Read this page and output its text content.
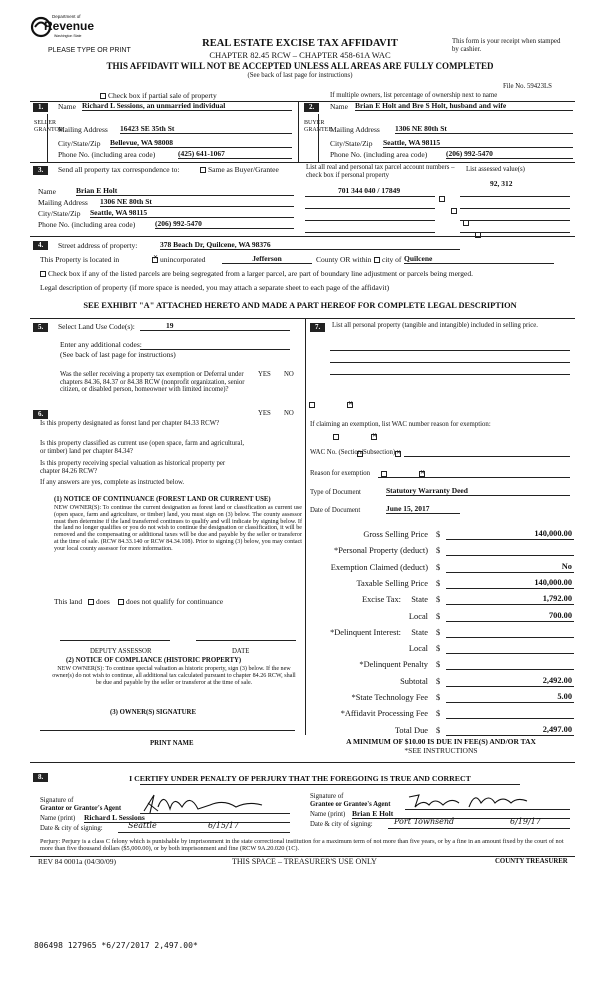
Department of
Revenue
Washington State
PLEASE TYPE OR PRINT
REAL ESTATE EXCISE TAX AFFIDAVIT
CHAPTER 82.45 RCW – CHAPTER 458-61A WAC
This form is your receipt when stamped by cashier.
THIS AFFIDAVIT WILL NOT BE ACCEPTED UNLESS ALL AREAS ARE FULLY COMPLETED
(See back of last page for instructions)
File No. 59423LS
Check box if partial sale of property	If multiple owners, list percentage of ownership next to name
1.	Name Richard L Sessions, an unmarried individual
SELLER GRANTOR
Mailing Address 16423 SE 35th St
City/State/Zip Bellevue, WA 98008
Phone No. (including area code)	(425) 641-1067
2.	Name Brian E Holt and Bre S Holt, husband and wife
BUYER GRANTEE
Mailing Address 1306 NE 80th St
City/State/Zip Seattle, WA 98115
Phone No. (including area code) (206) 992-5470
3.	Send all property tax correspondence to:	Same as Buyer/Grantee	List all real and personal tax parcel account numbers – check box if personal property
List assessed value(s)
92, 312
701 344 040 / 17849

Name	Brian E Holt
Mailing Address 1306 NE 80th St
City/State/Zip Seattle, WA 98115
Phone No. (including area code)	(206) 992-5470
4.	Street address of property:	378 Beach Dr, Quilcene, WA 98376
This Property is located in
✕	unincorporated	Jefferson	County OR within	city of Quilcene
Check box if any of the listed parcels are being segregated from a larger parcel, are part of boundary line adjustment or parcels being merged.
Legal description of property (if more space is needed, you may attach a separate sheet to each page of the affidavit)
SEE EXHIBIT "A" ATTACHED HERETO AND MADE A PART HEREOF FOR COMPLETE LEGAL DESCRIPTION
5.	Select Land Use Code(s):	19
Enter any additional codes:
(See back of last page for instructions)
YES NO
Was the seller receiving a property tax exemption or Deferral under chapters 84.36, 84.37 or 84.38 RCW (nonprofit organization, senior citizen, or disabled person, homeowner with limited income)?
✕
6.	YES NO
Is this property designated as forest land per chapter 84.33 RCW?
✕
Is this property classified as current use (open space, farm and agricultural, or timber) land per chapter 84.34?
✕
Is this property receiving special valuation as historical property per chapter 84.26 RCW?
✕
If any answers are yes, complete as instructed below.
(1) NOTICE OF CONTINUANCE (FOREST LAND OR CURRENT USE)
NEW OWNER(S): To continue the current designation as forest land or classification as current use (open space, farm and agriculture, or timber) land, you must sign on (3) below. The county assessor must then determine if the land transferred continues to qualify and will indicate by signing below. If the land no longer qualifies or you do not wish to continue the designation or classification, it will be removed and the compensating or additional taxes will be due and payable by the seller or transferor at the time of sale. (RCW 84.33.140 or RCW 84.34.108). Prior to signing (3) below, you may contact your local county assessor for more information.
This land	does	does not qualify for continuance
DEPUTY ASSESSOR	DATE
(2) NOTICE OF COMPLIANCE (HISTORIC PROPERTY)
NEW OWNER(S): To continue special valuation as historic property, sign (3) below. If the new owner(s) do not wish to continue, all additional tax calculated pursuant to chapter 84.26 RCW, shall be due and payable by the seller or transferor at the time of sale.
(3) OWNER(S) SIGNATURE
PRINT NAME
7.	List all personal property (tangible and intangible) included in selling price.
If claiming an exemption, list WAC number reason for exemption:
WAC No. (Section/Subsection)
Reason for exemption
Type of Document	Statutory Warranty Deed
Date of Document	June 15, 2017
Gross Selling Price $	140,000.00
*Personal Property (deduct) $
Exemption Claimed (deduct) $	No
Taxable Selling Price $	140,000.00
Excise Tax: State $	1,792.00
Local $	700.00
*Delinquent Interest: State $
Local $
*Delinquent Penalty $
Subtotal $	2,492.00
*State Technology Fee $	5.00
*Affidavit Processing Fee $
Total Due $	2,497.00
A MINIMUM OF $10.00 IS DUE IN FEE(S) AND/OR TAX
*SEE INSTRUCTIONS
8.	I CERTIFY UNDER PENALTY OF PERJURY THAT THE FOREGOING IS TRUE AND CORRECT
Signature of
Grantor or Grantor's Agent
Name (print) Richard L Sessions
Date & city of signing:	Seattle	6/15/17
Signature of
Grantee or Grantee's Agent
Name (print) Brian E Holt
Date & city of signing:	Port Townsend	6/19/17
Perjury: Perjury is a class C felony which is punishable by imprisonment in the state correctional institution for a maximum term of not more than five years, or by a fine in an amount fixed by the court of not more than five thousand dollars ($5,000.00), or by both imprisonment and fine (RCW 9A.20.020 (1C).
REV 84 0001a (04/30/09)	THIS SPACE – TREASURER'S USE ONLY	COUNTY TREASURER
806498 127965 *6/27/2017 2,497.00*
